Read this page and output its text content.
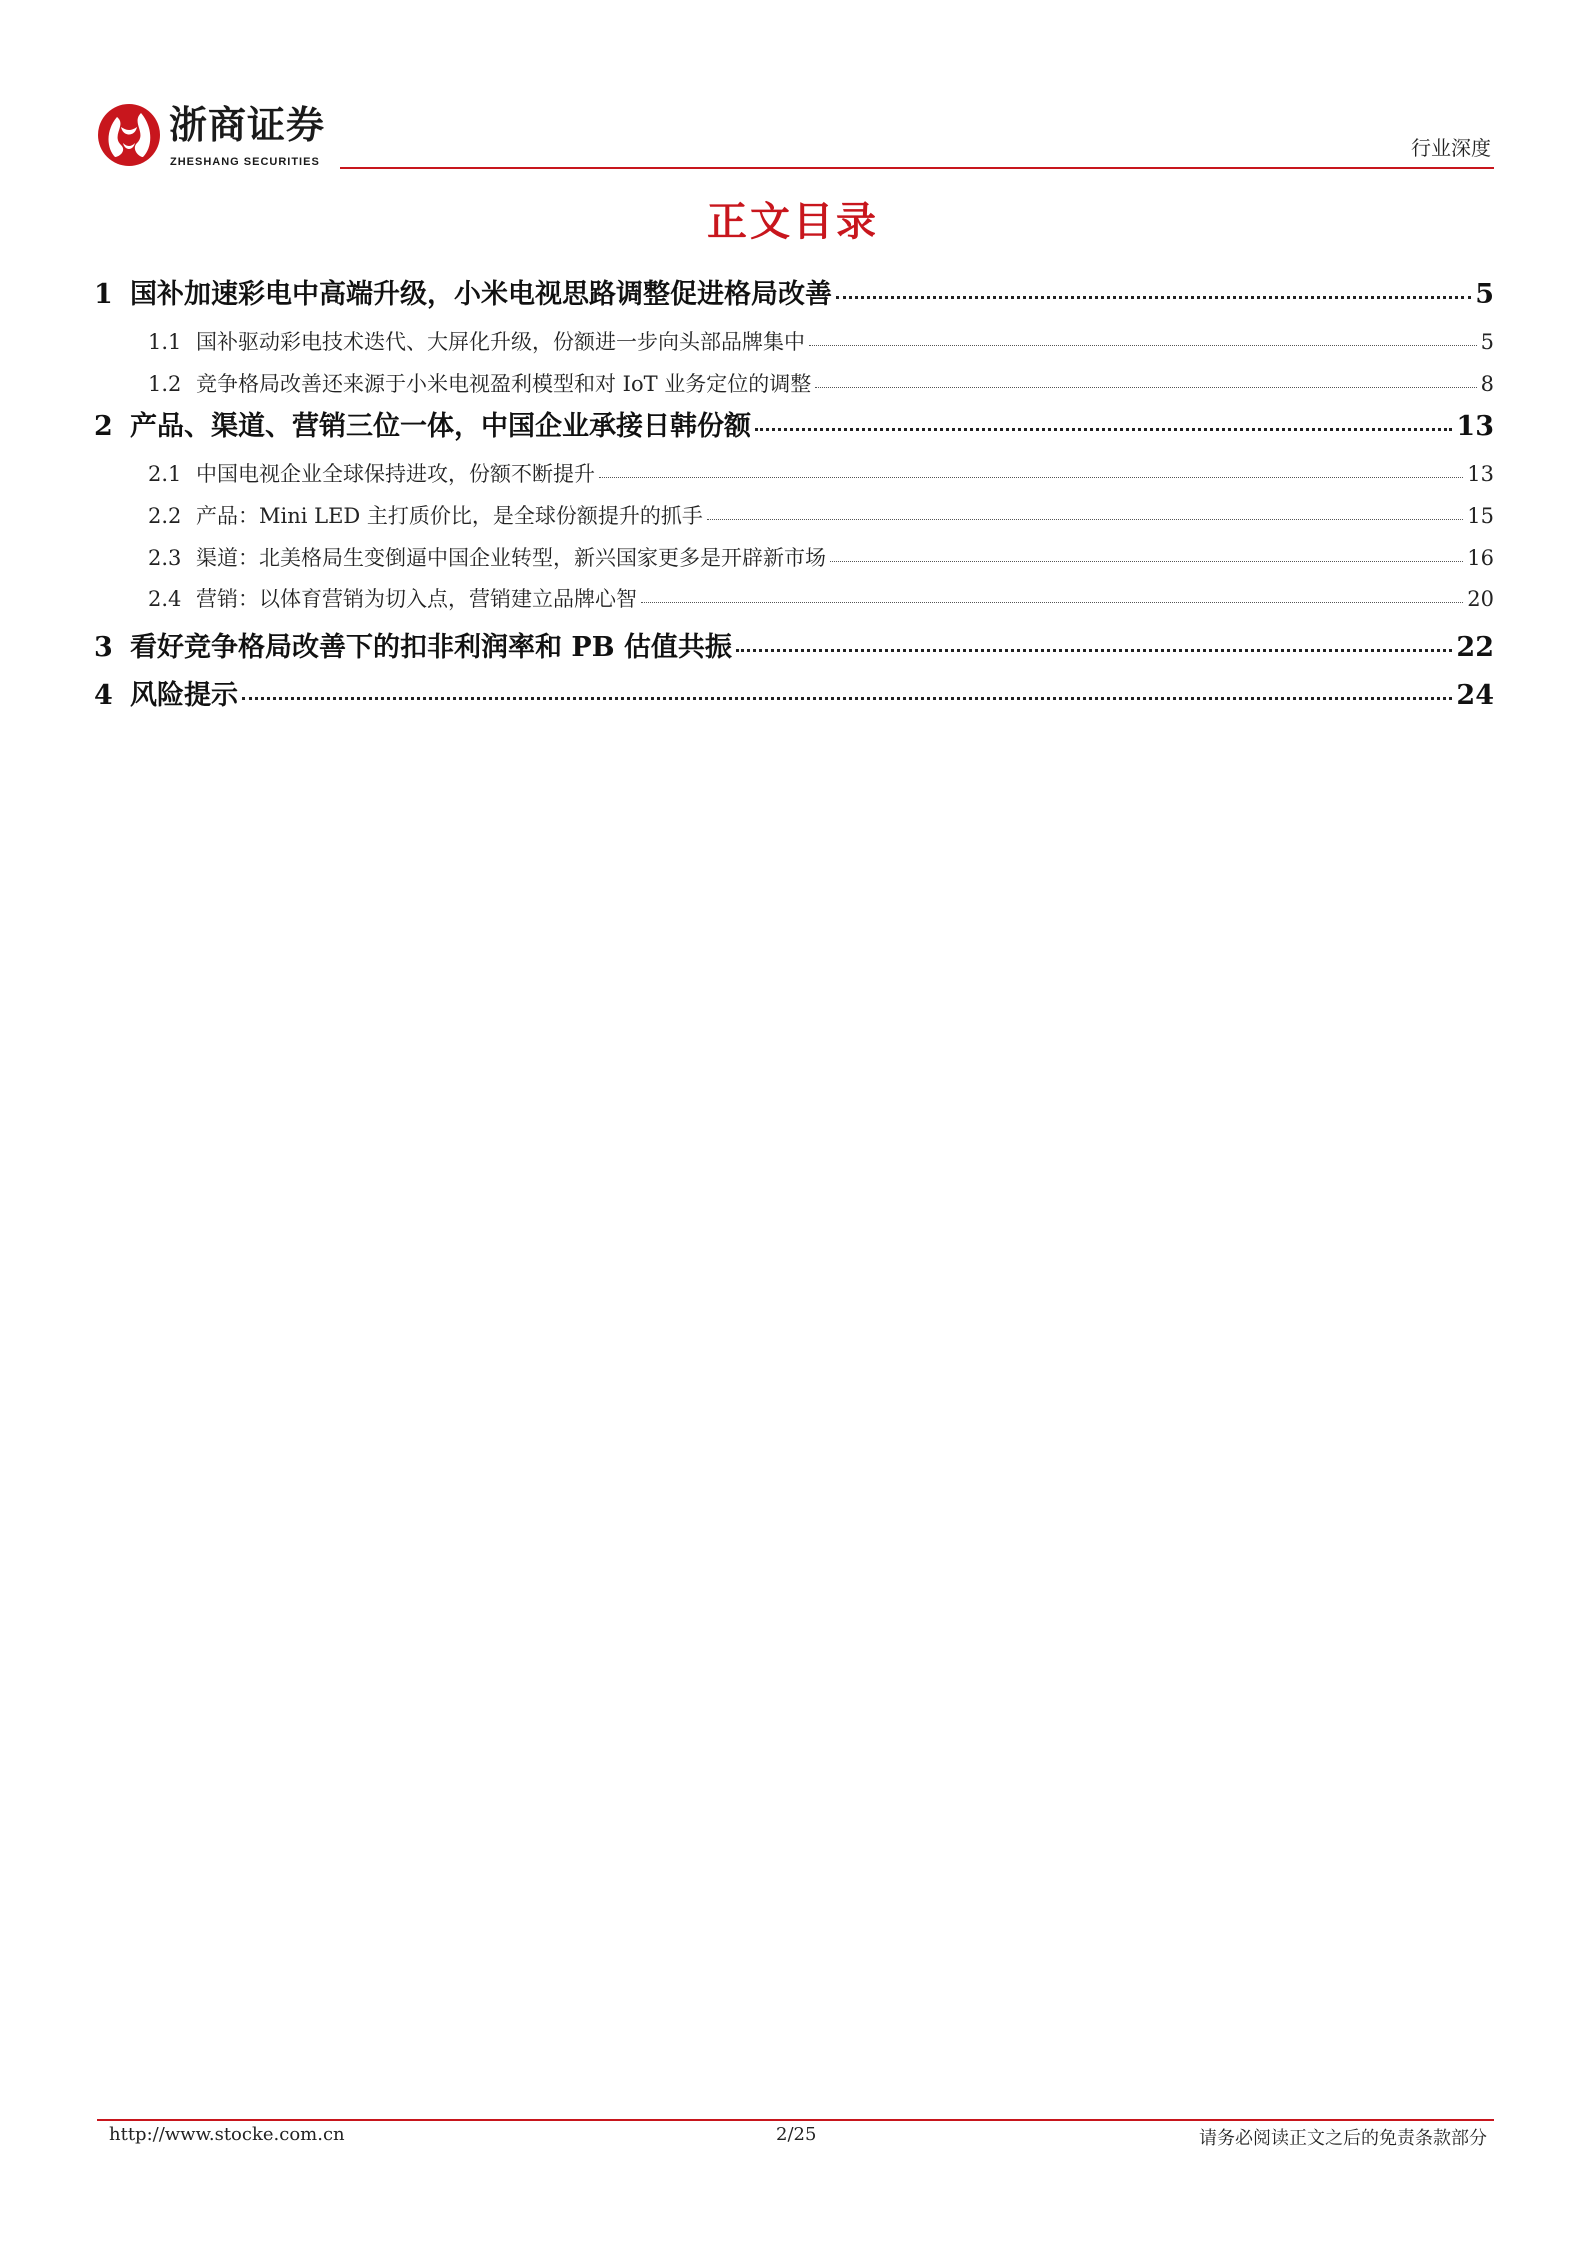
浙商证券
ZHESHANG SECURITIES
行业深度
正文目录
1 国补加速彩电中高端升级，小米电视思路调整促进格局改善	5
1.1 国补驱动彩电技术迭代、大屏化升级，份额进一步向头部品牌集中	5
1.2 竞争格局改善还来源于小米电视盈利模型和对 IoT 业务定位的调整	8
2 产品、渠道、营销三位一体，中国企业承接日韩份额	13
2.1 中国电视企业全球保持进攻，份额不断提升	13
2.2 产品：Mini LED 主打质价比，是全球份额提升的抓手	15
2.3 渠道：北美格局生变倒逼中国企业转型，新兴国家更多是开辟新市场	16
2.4 营销：以体育营销为切入点，营销建立品牌心智	20
3 看好竞争格局改善下的扣非利润率和 PB 估值共振	22
4 风险提示	24
http://www.stocke.com.cn	2/25	请务必阅读正文之后的免责条款部分
